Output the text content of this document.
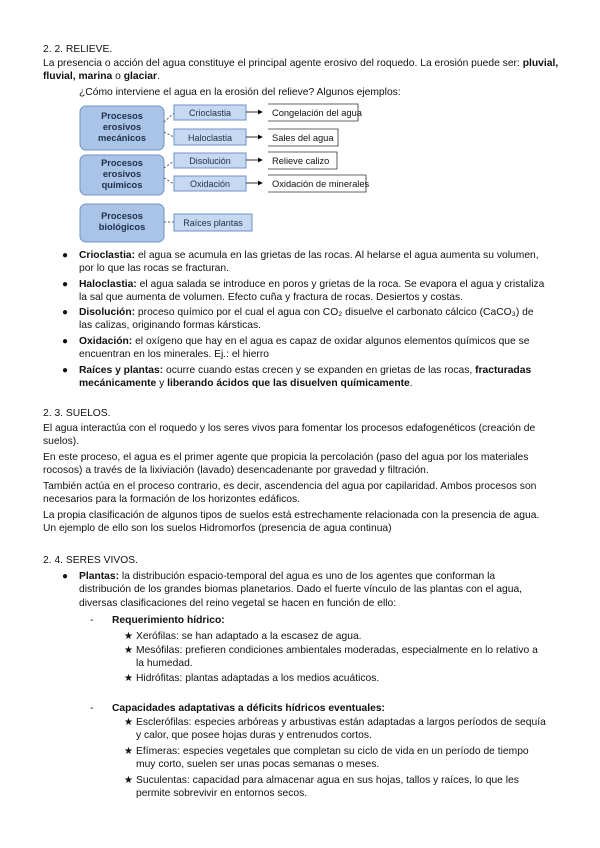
2. 2. RELIEVE.

La presencia o acción del agua constituye el principal agente erosivo del roquedo. La erosión puede ser: pluvial, fluvial, marina o glaciar.

¿Cómo interviene el agua en la erosión del relieve? Algunos ejemplos:

Procesos
erosivos
mecánicos
Procesos
erosivos
químicos
Procesos
biológicos
Crioclastia
Haloclastia
Disolución
Oxidación
Raíces plantas
Congelación del agua
Sales del agua
Relieve calizo
Oxidación de minerales
● Crioclastia: el agua se acumula en las grietas de las rocas. Al helarse el agua aumenta su volumen, por lo que las rocas se fracturan.
● Haloclastia: el agua salada se introduce en poros y grietas de la roca. Se evapora el agua y cristaliza la sal que aumenta de volumen. Efecto cuña y fractura de rocas. Desiertos y costas.
● Disolución: proceso químico por el cual el agua con CO₂ disuelve el carbonato cálcico (CaCO₃) de las calizas, originando formas kársticas.
● Oxidación: el oxígeno que hay en el agua es capaz de oxidar algunos elementos químicos que se encuentran en los minerales. Ej.: el hierro
● Raíces y plantas: ocurre cuando estas crecen y se expanden en grietas de las rocas, fracturadas mecánicamente y liberando ácidos que las disuelven químicamente.

2. 3. SUELOS.

El agua interactúa con el roquedo y los seres vivos para fomentar los procesos edafogenéticos (creación de suelos).

En este proceso, el agua es el primer agente que propicia la percolación (paso del agua por los materiales rocosos) a través de la lixiviación (lavado) desencadenante por gravedad y filtración.

También actúa en el proceso contrario, es decir, ascendencia del agua por capilaridad. Ambos procesos son necesarios para la formación de los horizontes edáficos.

La propia clasificación de algunos tipos de suelos está estrechamente relacionada con la presencia de agua. Un ejemplo de ello son los suelos Hidromorfos (presencia de agua continua)

2. 4. SERES VIVOS.

● Plantas: la distribución espacio-temporal del agua es uno de los agentes que conforman la distribución de los grandes biomas planetarios. Dado el fuerte vínculo de las plantas con el agua, diversas clasificaciones del reino vegetal se hacen en función de ello:
- Requerimiento hídrico:
★ Xerófilas: se han adaptado a la escasez de agua.
★ Mesófilas: prefieren condiciones ambientales moderadas, especialmente en lo relativo a la humedad.
★ Hidrófitas: plantas adaptadas a los medios acuáticos.
- Capacidades adaptativas a déficits hídricos eventuales:
★ Esclerófilas: especies arbóreas y arbustivas están adaptadas a largos períodos de sequía y calor, que posee hojas duras y entrenudos cortos.
★ Efímeras: especies vegetales que completan su ciclo de vida en un período de tiempo muy corto, suelen ser unas pocas semanas o meses.
★ Suculentas: capacidad para almacenar agua en sus hojas, tallos y raíces, lo que les permite sobrevivir en entornos secos.
